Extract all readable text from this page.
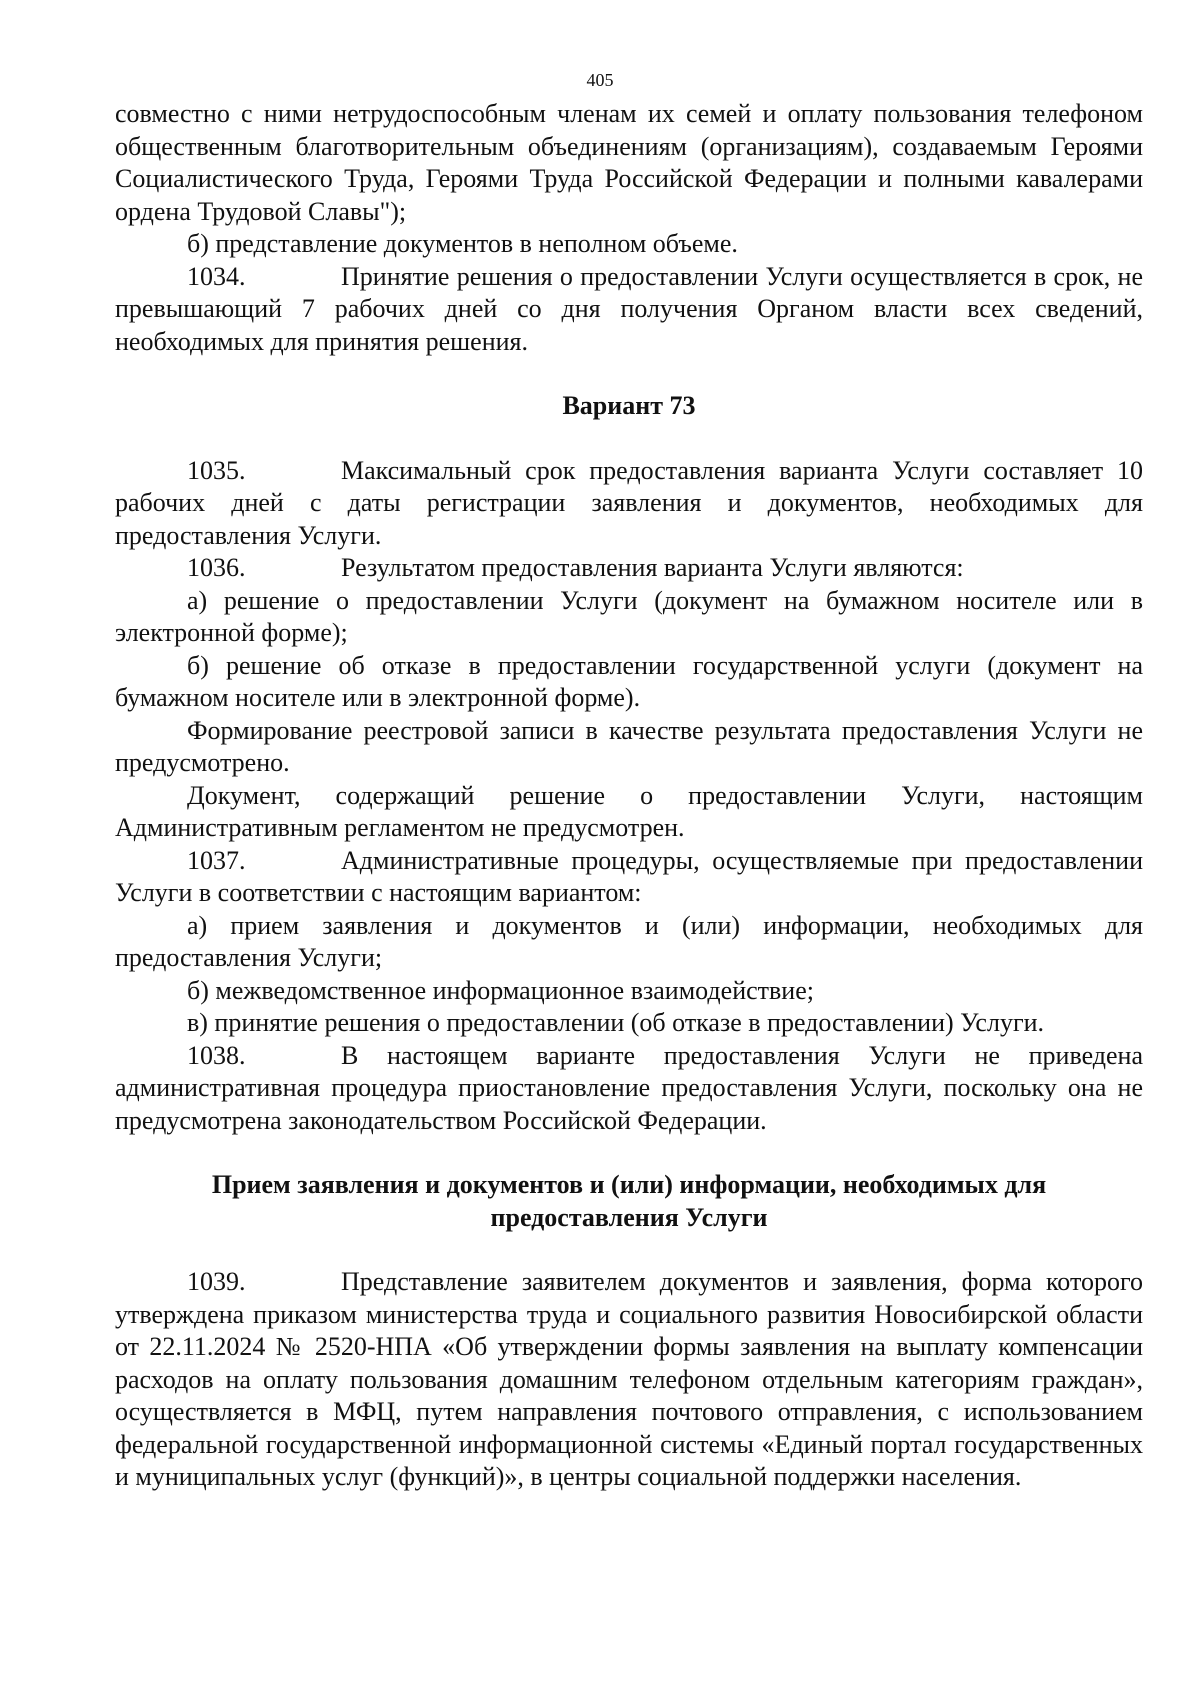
405

совместно с ними нетрудоспособным членам их семей и оплату пользования телефоном общественным благотворительным объединениям (организациям), создаваемым Героями Социалистического Труда, Героями Труда Российской Федерации и полными кавалерами ордена Трудовой Славы");

б) представление документов в неполном объеме.

1034.	Принятие решения о предоставлении Услуги осуществляется в срок, не превышающий 7 рабочих дней со дня получения Органом власти всех сведений, необходимых для принятия решения.

Вариант 73

1035.	Максимальный срок предоставления варианта Услуги составляет 10 рабочих дней с даты регистрации заявления и документов, необходимых для предоставления Услуги.

1036.	Результатом предоставления варианта Услуги являются:

а) решение о предоставлении Услуги (документ на бумажном носителе или в электронной форме);

б) решение об отказе в предоставлении государственной услуги (документ на бумажном носителе или в электронной форме).

Формирование реестровой записи в качестве результата предоставления Услуги не предусмотрено.

Документ, содержащий решение о предоставлении Услуги, настоящим Административным регламентом не предусмотрен.

1037.	Административные процедуры, осуществляемые при предоставлении Услуги в соответствии с настоящим вариантом:

а) прием заявления и документов и (или) информации, необходимых для предоставления Услуги;

б) межведомственное информационное взаимодействие;

в) принятие решения о предоставлении (об отказе в предоставлении) Услуги.

1038.	В настоящем варианте предоставления Услуги не приведена административная процедура приостановление предоставления Услуги, поскольку она не предусмотрена законодательством Российской Федерации.

Прием заявления и документов и (или) информации, необходимых для предоставления Услуги

1039.	Представление заявителем документов и заявления, форма которого утверждена приказом министерства труда и социального развития Новосибирской области от 22.11.2024 № 2520-НПА «Об утверждении формы заявления на выплату компенсации расходов на оплату пользования домашним телефоном отдельным категориям граждан», осуществляется в МФЦ, путем направления почтового отправления, с использованием федеральной государственной информационной системы «Единый портал государственных и муниципальных услуг (функций)», в центры социальной поддержки населения.
